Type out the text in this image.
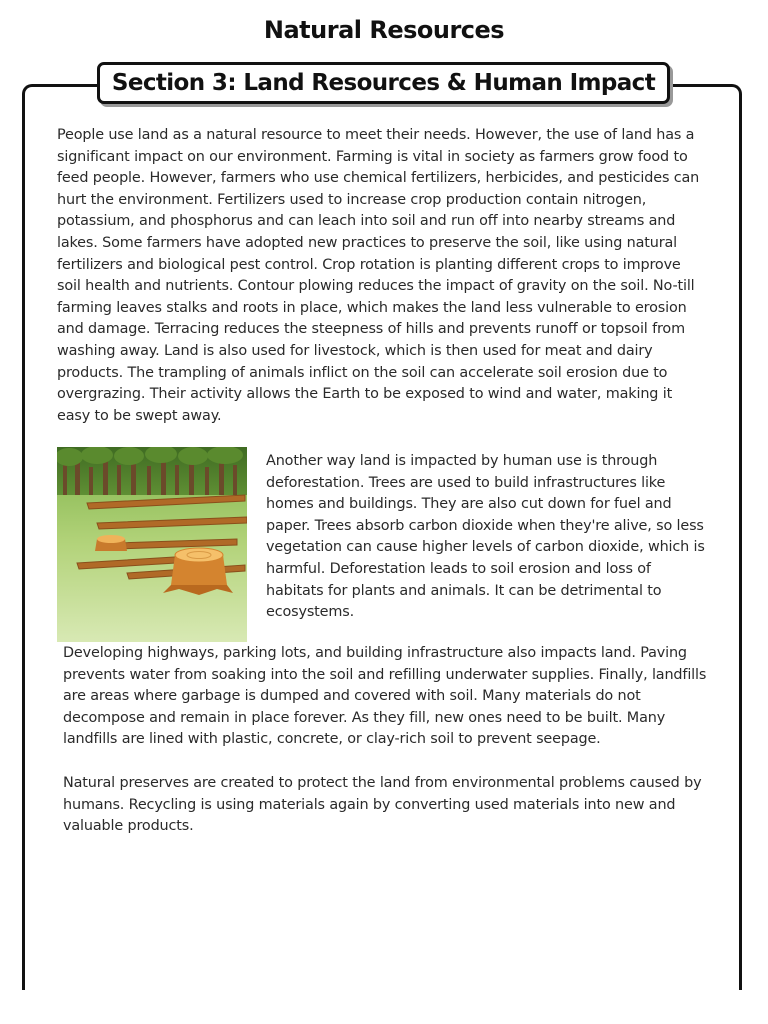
Natural Resources
Section 3: Land Resources & Human Impact
People use land as a natural resource to meet their needs. However, the use of land has a significant impact on our environment. Farming is vital in society as farmers grow food to feed people. However, farmers who use chemical fertilizers, herbicides, and pesticides can hurt the environment. Fertilizers used to increase crop production contain nitrogen, potassium, and phosphorus and can leach into soil and run off into nearby streams and lakes. Some farmers have adopted new practices to preserve the soil, like using natural fertilizers and biological pest control. Crop rotation is planting different crops to improve soil health and nutrients. Contour plowing reduces the impact of gravity on the soil. No-till farming leaves stalks and roots in place, which makes the land less vulnerable to erosion and damage. Terracing reduces the steepness of hills and prevents runoff or topsoil from washing away. Land is also used for livestock, which is then used for meat and dairy products. The trampling of animals inflict on the soil can accelerate soil erosion due to overgrazing. Their activity allows the Earth to be exposed to wind and water, making it easy to be swept away.
Another way land is impacted by human use is through deforestation. Trees are used to build infrastructures like homes and buildings. They are also cut down for fuel and paper. Trees absorb carbon dioxide when they're alive, so less vegetation can cause higher levels of carbon dioxide, which is harmful. Deforestation leads to soil erosion and loss of habitats for plants and animals. It can be detrimental to ecosystems.
Developing highways, parking lots, and building infrastructure also impacts land. Paving prevents water from soaking into the soil and refilling underwater supplies. Finally, landfills are areas where garbage is dumped and covered with soil. Many materials do not decompose and remain in place forever. As they fill, new ones need to be built. Many landfills are lined with plastic, concrete, or clay-rich soil to prevent seepage.
Natural preserves are created to protect the land from environmental problems caused by humans. Recycling is using materials again by converting used materials into new and valuable products.
